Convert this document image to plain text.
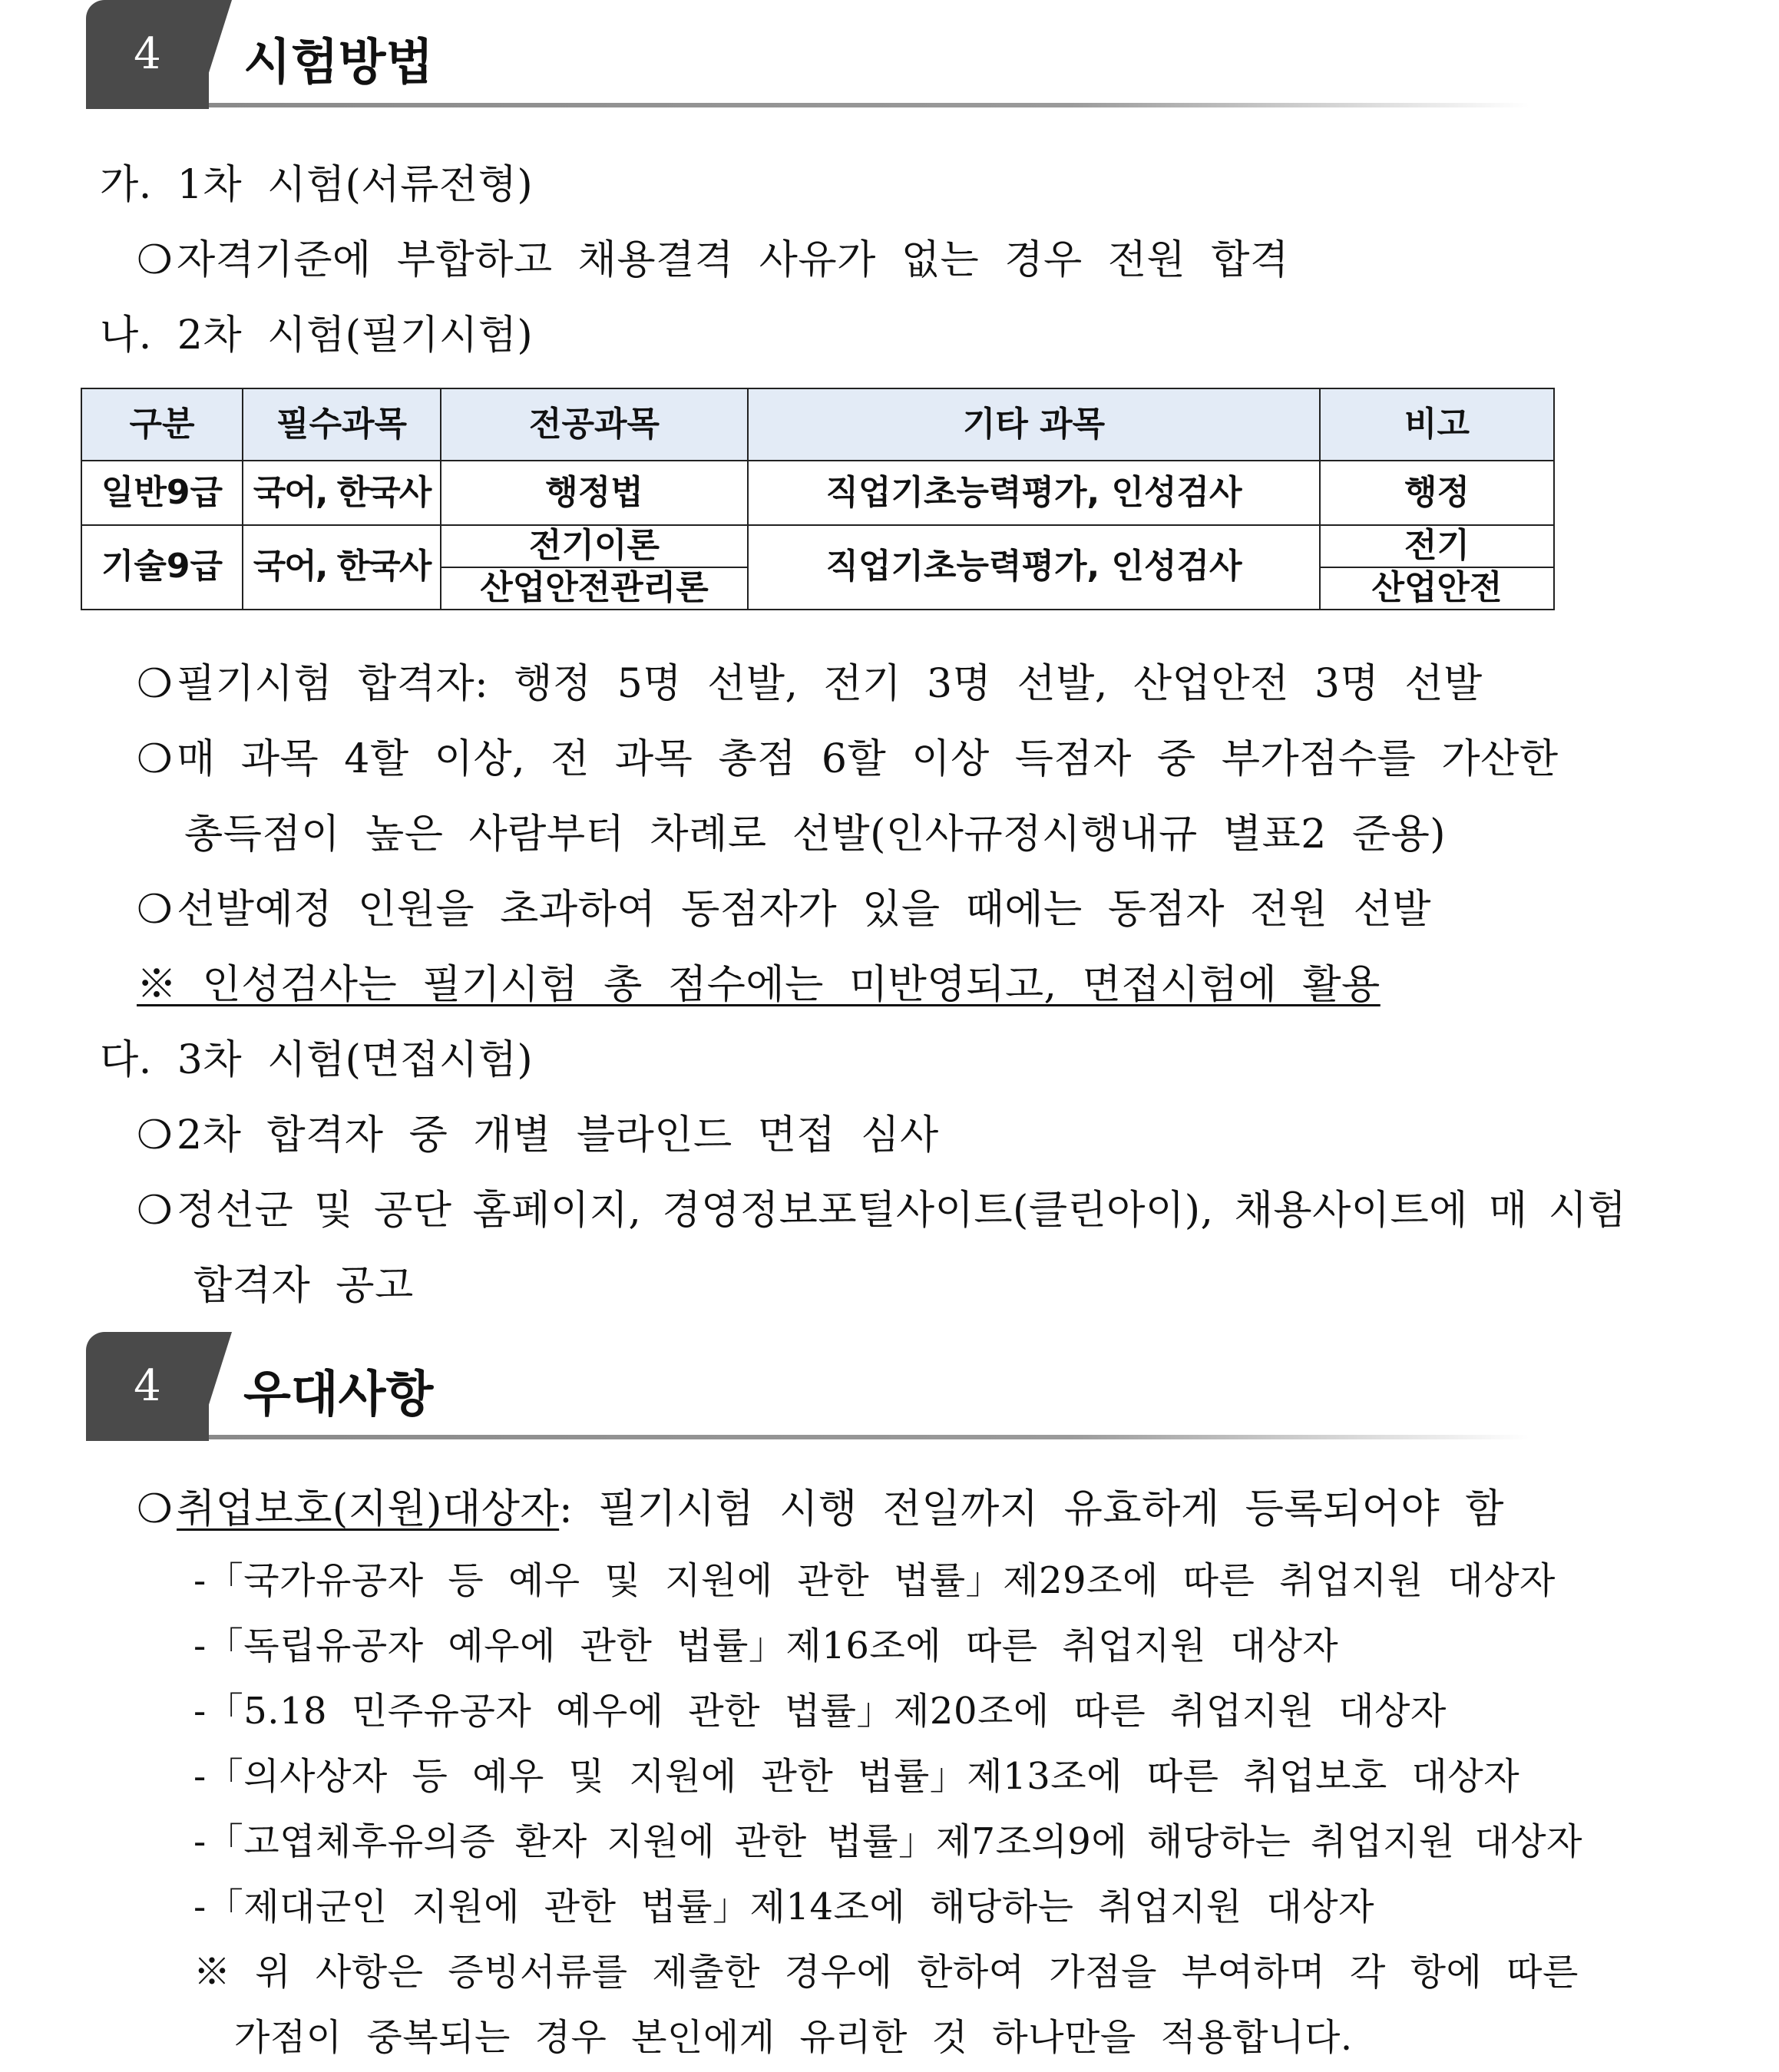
4	시험방법
가. 1차 시험(서류전형)
❍자격기준에 부합하고 채용결격 사유가 없는 경우 전원 합격
나. 2차 시험(필기시험)
구분	필수과목	전공과목	기타 과목	비고
일반9급	국어, 한국사	행정법	직업기초능력평가, 인성검사	행정
기술9급	국어, 한국사	전기이론	직업기초능력평가, 인성검사	전기
		산업안전관리론		산업안전
❍필기시험 합격자: 행정 5명 선발, 전기 3명 선발, 산업안전 3명 선발
❍매 과목 4할 이상, 전 과목 총점 6할 이상 득점자 중 부가점수를 가산한
총득점이 높은 사람부터 차례로 선발(인사규정시행내규 별표2 준용)
❍선발예정 인원을 초과하여 동점자가 있을 때에는 동점자 전원 선발
※ 인성검사는 필기시험 총 점수에는 미반영되고, 면접시험에 활용
다. 3차 시험(면접시험)
❍2차 합격자 중 개별 블라인드 면접 심사
❍정선군 및 공단 홈페이지, 경영정보포털사이트(클린아이), 채용사이트에 매 시험
합격자 공고
4	우대사항
❍취업보호(지원)대상자: 필기시험 시행 전일까지 유효하게 등록되어야 함
-「국가유공자 등 예우 및 지원에 관한 법률」제29조에 따른 취업지원 대상자
-「독립유공자 예우에 관한 법률」제16조에 따른 취업지원 대상자
-「5.18 민주유공자 예우에 관한 법률」제20조에 따른 취업지원 대상자
-「의사상자 등 예우 및 지원에 관한 법률」제13조에 따른 취업보호 대상자
-「고엽체후유의증 환자 지원에 관한 법률」제7조의9에 해당하는 취업지원 대상자
-「제대군인 지원에 관한 법률」제14조에 해당하는 취업지원 대상자
※ 위 사항은 증빙서류를 제출한 경우에 한하여 가점을 부여하며 각 항에 따른
가점이 중복되는 경우 본인에게 유리한 것 하나만을 적용합니다.
